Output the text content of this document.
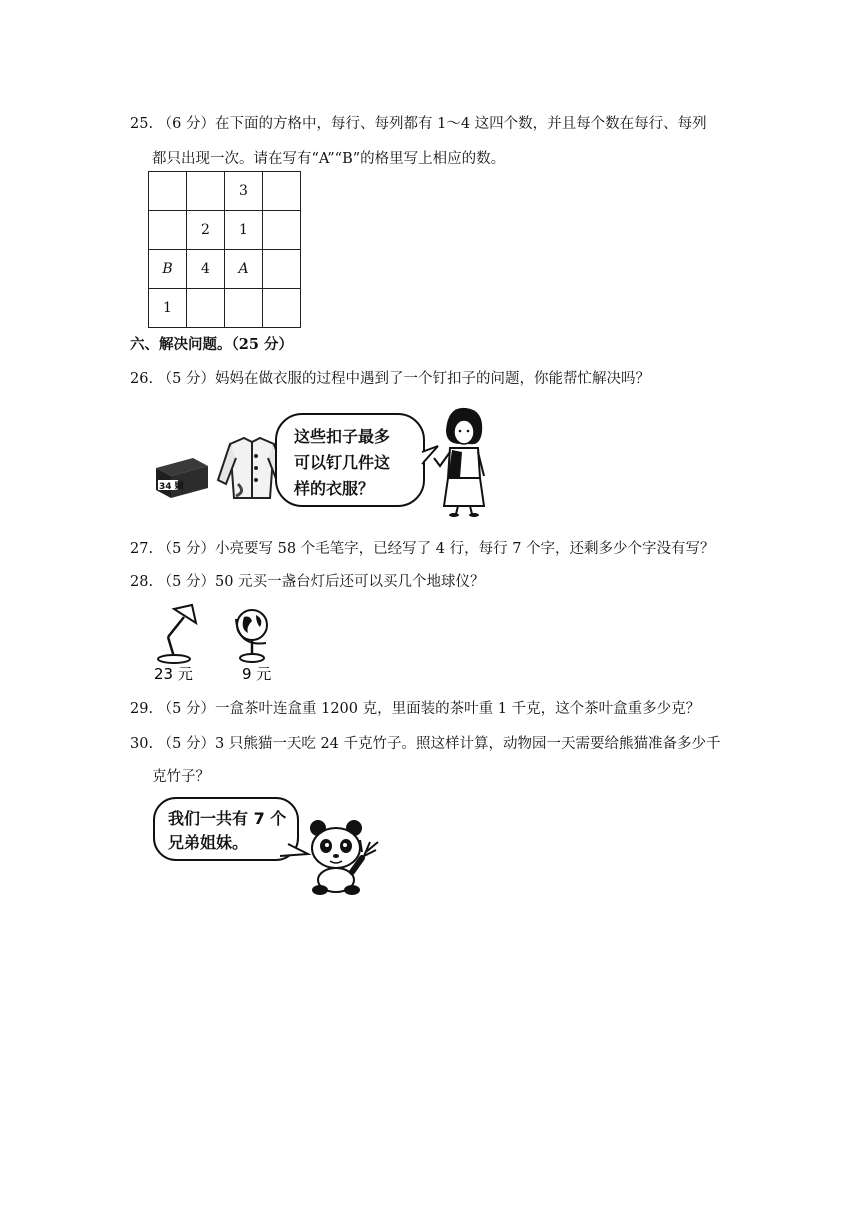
25. （6 分）在下面的方格中，每行、每列都有 1～4 这四个数，并且每个数在每行、每列
都只出现一次。请在写有“A”“B”的格里写上相应的数。
		3	
	2	1	
B	4	A	
1			
六、解决问题。（25 分）
26. （5 分）妈妈在做衣服的过程中遇到了一个钉扣子的问题，你能帮忙解决吗？
34 颗
这些扣子最多
可以钉几件这
样的衣服？
27. （5 分）小亮要写 58 个毛笔字，已经写了 4 行，每行 7 个字，还剩多少个字没有写？
28. （5 分）50 元买一盏台灯后还可以买几个地球仪？
23 元	9 元
29. （5 分）一盒茶叶连盒重 1200 克，里面装的茶叶重 1 千克，这个茶叶盒重多少克？
30. （5 分）3 只熊猫一天吃 24 千克竹子。照这样计算，动物园一天需要给熊猫准备多少千
克竹子？
我们一共有 7 个
兄弟姐妹。
